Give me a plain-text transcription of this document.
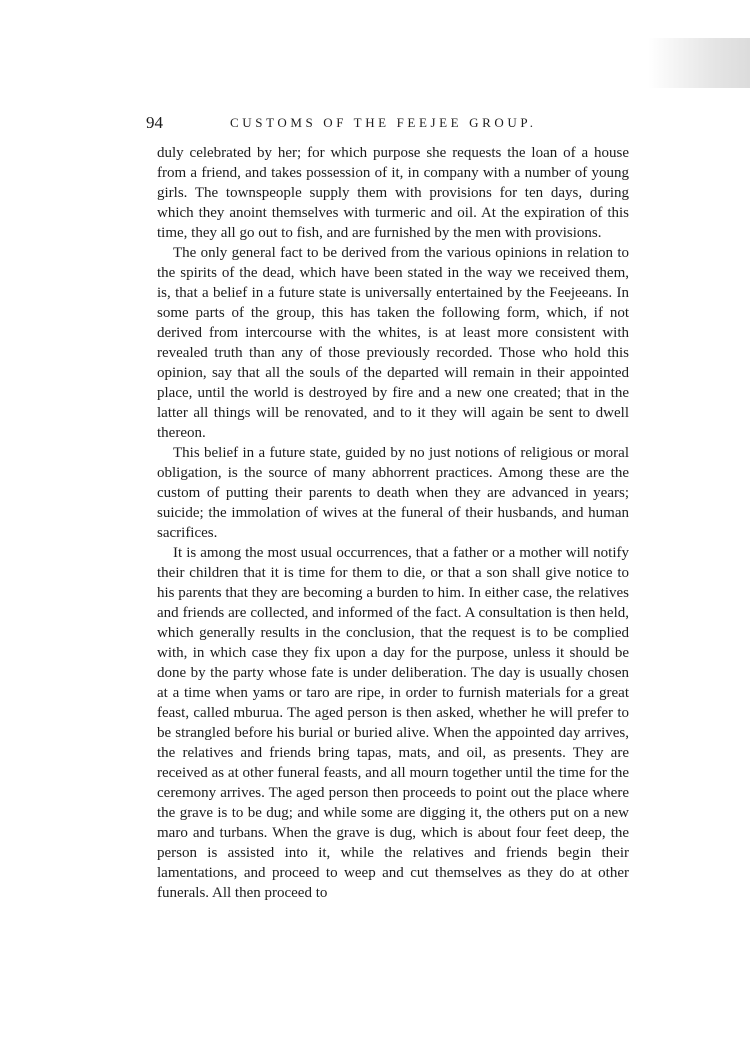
94	CUSTOMS OF THE FEEJEE GROUP.

duly celebrated by her; for which purpose she requests the loan of a house from a friend, and takes possession of it, in company with a number of young girls. The townspeople supply them with provisions for ten days, during which they anoint themselves with turmeric and oil. At the expiration of this time, they all go out to fish, and are furnished by the men with provisions.

The only general fact to be derived from the various opinions in relation to the spirits of the dead, which have been stated in the way we received them, is, that a belief in a future state is universally entertained by the Feejeeans. In some parts of the group, this has taken the following form, which, if not derived from intercourse with the whites, is at least more consistent with revealed truth than any of those previously recorded. Those who hold this opinion, say that all the souls of the departed will remain in their appointed place, until the world is destroyed by fire and a new one created; that in the latter all things will be renovated, and to it they will again be sent to dwell thereon.

This belief in a future state, guided by no just notions of religious or moral obligation, is the source of many abhorrent practices. Among these are the custom of putting their parents to death when they are advanced in years; suicide; the immolation of wives at the funeral of their husbands, and human sacrifices.

It is among the most usual occurrences, that a father or a mother will notify their children that it is time for them to die, or that a son shall give notice to his parents that they are becoming a burden to him. In either case, the relatives and friends are collected, and informed of the fact. A consultation is then held, which generally results in the conclusion, that the request is to be complied with, in which case they fix upon a day for the purpose, unless it should be done by the party whose fate is under deliberation. The day is usually chosen at a time when yams or taro are ripe, in order to furnish materials for a great feast, called mburua. The aged person is then asked, whether he will prefer to be strangled before his burial or buried alive. When the appointed day arrives, the relatives and friends bring tapas, mats, and oil, as presents. They are received as at other funeral feasts, and all mourn together until the time for the ceremony arrives. The aged person then proceeds to point out the place where the grave is to be dug; and while some are digging it, the others put on a new maro and turbans. When the grave is dug, which is about four feet deep, the person is assisted into it, while the relatives and friends begin their lamentations, and proceed to weep and cut themselves as they do at other funerals. All then proceed to
